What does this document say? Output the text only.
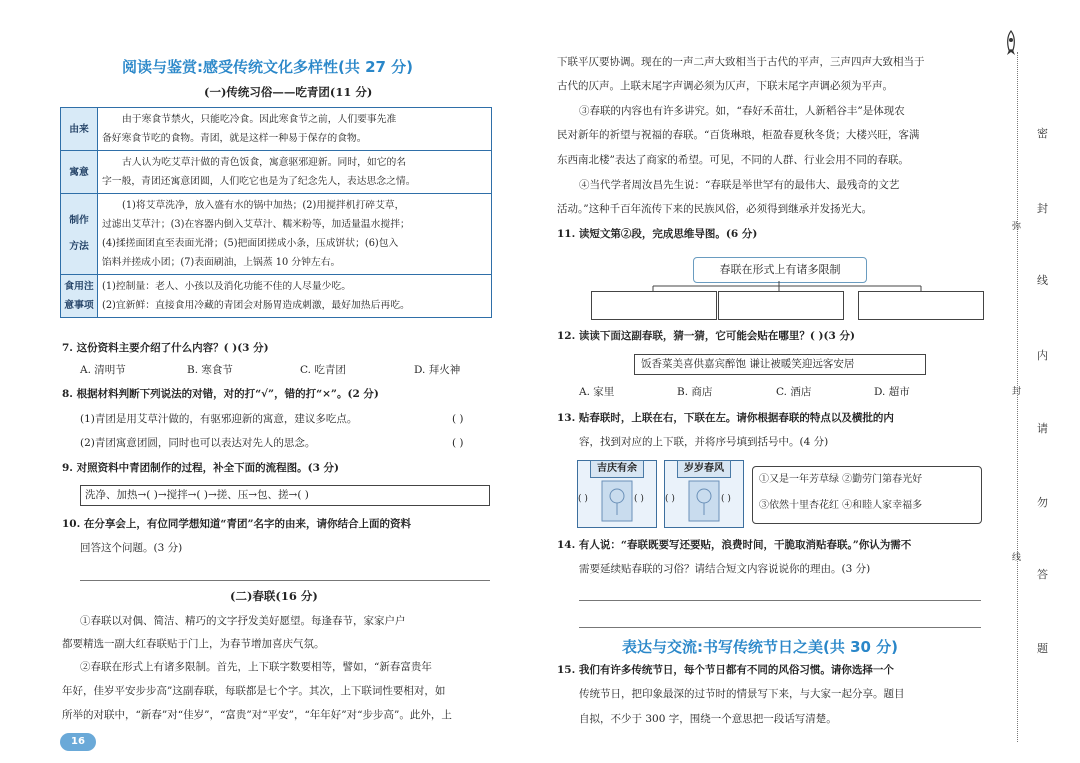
阅读与鉴赏:感受传统文化多样性(共 27 分)
(一)传统习俗——吃青团(11 分)
由来	由于寒食节禁火，只能吃冷食。因此寒食节之前，人们要事先准
备好寒食节吃的食物。青团，就是这样一种易于保存的食物。

寓意	古人认为吃艾草汁做的青色饭食，寓意驱邪迎新。同时，如它的名
字一般，青团还寓意团圆，人们吃它也是为了纪念先人，表达思念之情。

制作方法	(1)将艾草洗净，放入盛有水的锅中加热；(2)用搅拌机打碎艾草，
过滤出艾草汁；(3)在容器内倒入艾草汁、糯米粉等，加适量温水搅拌；
(4)揉搓面团直至表面光滑；(5)把面团搓成小条，压成饼状；(6)包入
馅料并搓成小团；(7)表面刷油，上锅蒸 10 分钟左右。

食用注意事项	(1)控制量：老人、小孩以及消化功能不佳的人尽量少吃。
(2)宜新鲜：直接食用冷藏的青团会对肠胃造成刺激，最好加热后再吃。
7. 这份资料主要介绍了什么内容？( )(3 分)
A. 清明节	B. 寒食节	C. 吃青团	D. 拜火神
8. 根据材料判断下列说法的对错，对的打“√”，错的打“×”。(2 分)
(1)青团是用艾草汁做的，有驱邪迎新的寓意，建议多吃点。	( )
(2)青团寓意团圆，同时也可以表达对先人的思念。	( )
9. 对照资料中青团制作的过程，补全下面的流程图。(3 分)
洗净、加热→( )→搅拌→( )→搓、压→包、搓→( )
10. 在分享会上，有位同学想知道“青团”名字的由来，请你结合上面的资料
回答这个问题。(3 分)
(二)春联(16 分)
①春联以对偶、简洁、精巧的文字抒发美好愿望。每逢春节，家家户户
都要精选一副大红春联贴于门上，为春节增加喜庆气氛。
②春联在形式上有诸多限制。首先，上下联字数要相等，譬如，“新春富贵年
年好，佳岁平安步步高”这副春联，每联都是七个字。其次，上下联词性要相对，如
所举的对联中，“新春”对“佳岁”，“富贵”对“平安”，“年年好”对“步步高”。此外，上
16
下联平仄要协调。现在的一声二声大致相当于古代的平声，三声四声大致相当于
古代的仄声。上联末尾字声调必须为仄声，下联末尾字声调必须为平声。
③春联的内容也有许多讲究。如，“春好禾苗壮，人新稻谷丰”是体现农
民对新年的祈望与祝福的春联。“百货琳琅，柜盈春夏秋冬货；大楼兴旺，客满
东西南北楼”表达了商家的希望。可见，不同的人群、行业会用不同的春联。
④当代学者周汝昌先生说：“春联是举世罕有的最伟大、最残奇的文艺
活动。”这种千百年流传下来的民族风俗，必须得到继承并发扬光大。
11. 读短文第②段，完成思维导图。(6 分)
春联在形式上有诸多限制
12. 读读下面这副春联，猜一猜，它可能会贴在哪里？( )(3 分)
饭香菜美喜供嘉宾醉饱 谦让被暖笑迎远客安居
A. 家里	B. 商店	C. 酒店	D. 超市
13. 贴春联时，上联在右，下联在左。请你根据春联的特点以及横批的内
容，找到对应的上下联，并将序号填到括号中。(4 分)
吉庆有余
( )	( )
岁岁春风
( )	( )
①又是一年芳草绿 ②勤劳门第春光好
③依然十里杏花红 ④和睦人家幸福多
14. 有人说：“春联既要写还要贴，浪费时间，干脆取消贴春联。”你认为需不
需要延续贴春联的习俗？请结合短文内容说说你的理由。(3 分)
表达与交流:书写传统节日之美(共 30 分)
15. 我们有许多传统节日，每个节日都有不同的风俗习惯。请你选择一个
传统节日，把印象最深的过节时的情景写下来，与大家一起分享。题目
自拟，不少于 300 字，围绕一个意思把一段话写清楚。
弥
封
线
密
封
线
内
请
勿
答
题
